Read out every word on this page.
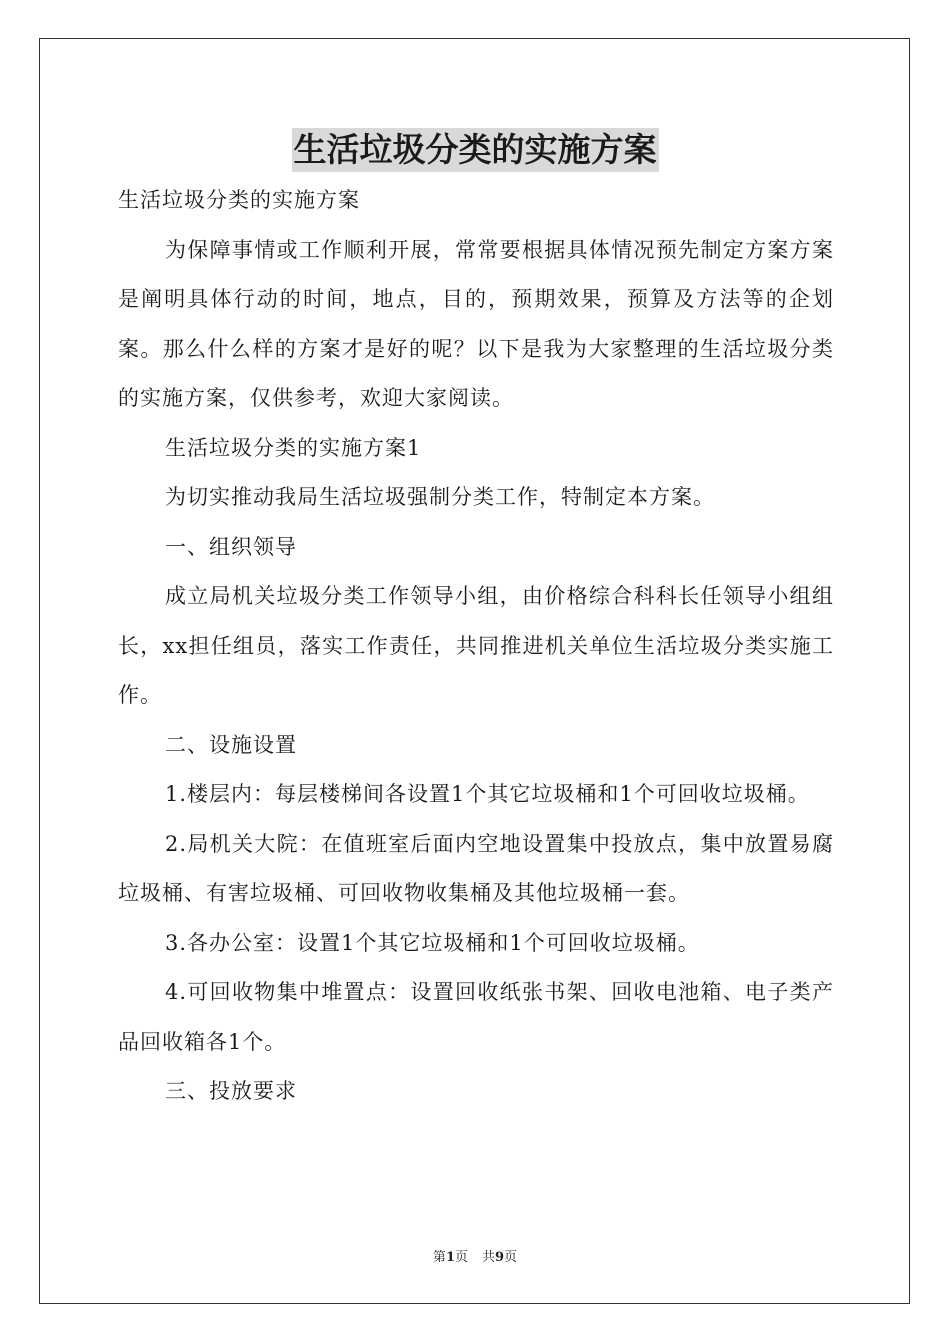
生活垃圾分类的实施方案

生活垃圾分类的实施方案

为保障事情或工作顺利开展，常常要根据具体情况预先制定方案方案是阐明具体行动的时间，地点，目的，预期效果，预算及方法等的企划案。那么什么样的方案才是好的呢？以下是我为大家整理的生活垃圾分类的实施方案，仅供参考，欢迎大家阅读。

生活垃圾分类的实施方案1

为切实推动我局生活垃圾强制分类工作，特制定本方案。

一、组织领导

成立局机关垃圾分类工作领导小组，由价格综合科科长任领导小组组长，xx担任组员，落实工作责任，共同推进机关单位生活垃圾分类实施工作。

二、设施设置

1.楼层内：每层楼梯间各设置1个其它垃圾桶和1个可回收垃圾桶。

2.局机关大院：在值班室后面内空地设置集中投放点，集中放置易腐垃圾桶、有害垃圾桶、可回收物收集桶及其他垃圾桶一套。

3.各办公室：设置1个其它垃圾桶和1个可回收垃圾桶。

4.可回收物集中堆置点：设置回收纸张书架、回收电池箱、电子类产品回收箱各1个。

三、投放要求

第1页 共9页
